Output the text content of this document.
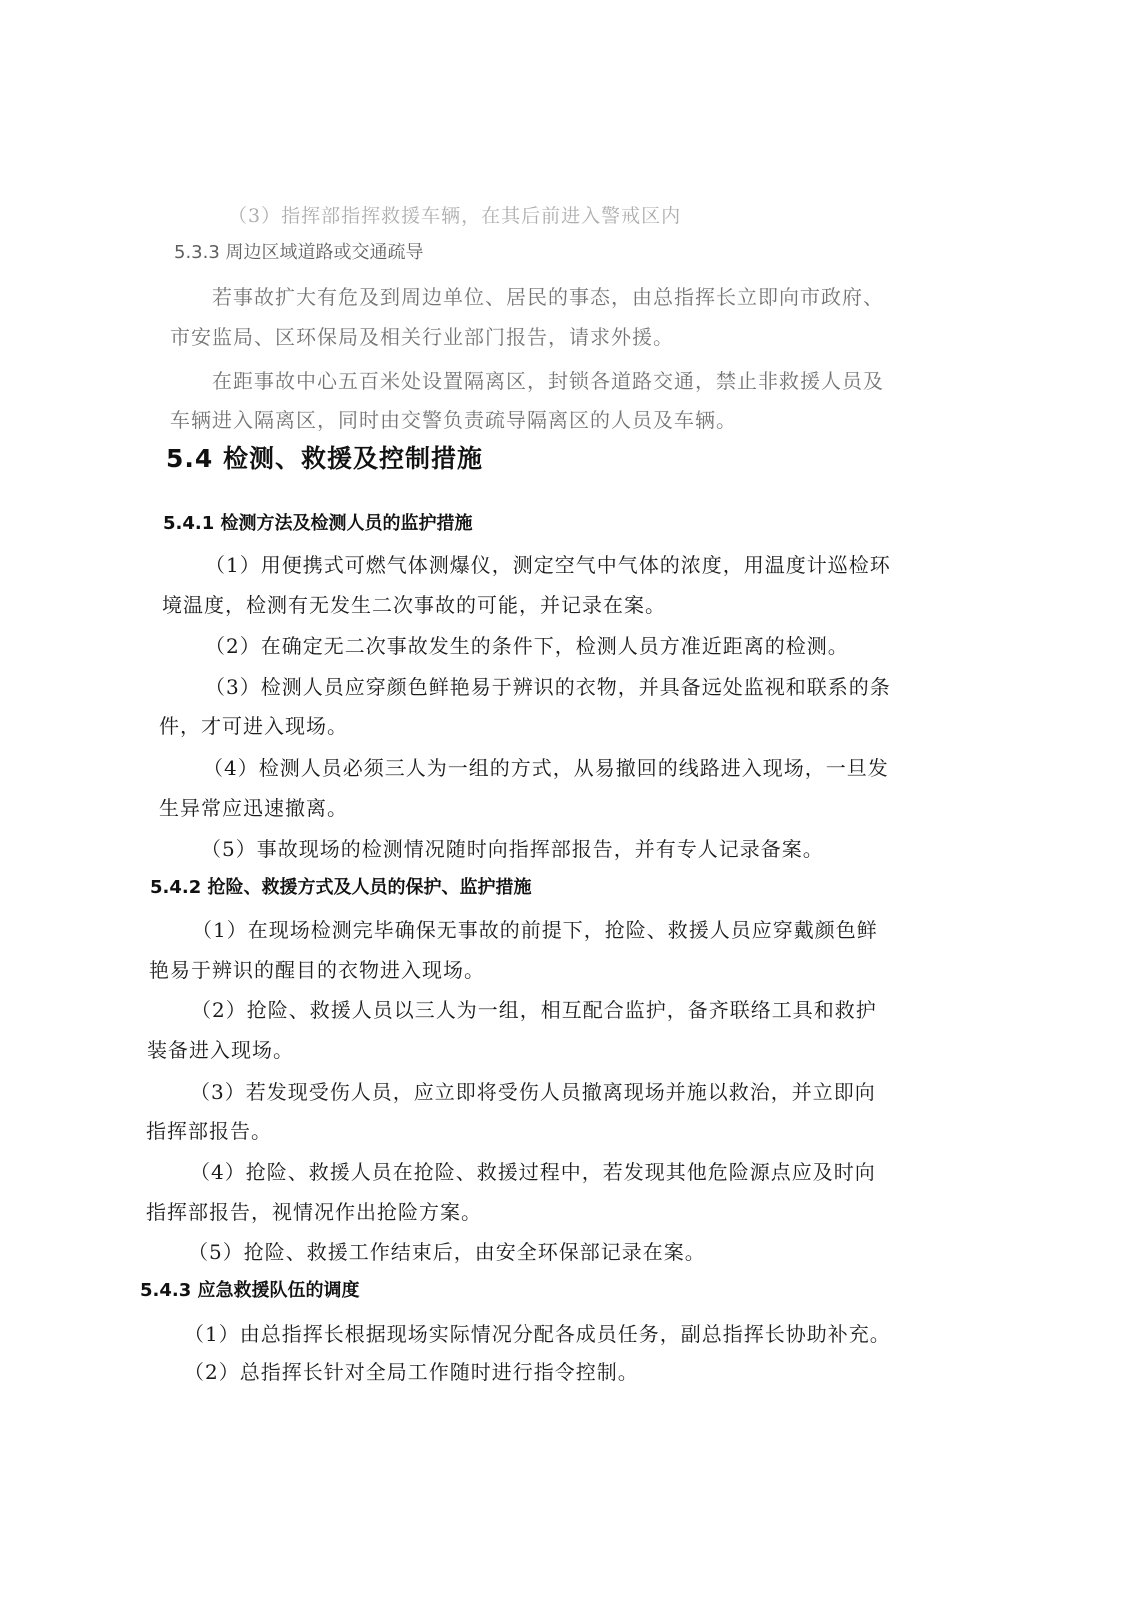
（3）指挥部指挥救援车辆，在其后前进入警戒区内
5.3.3 周边区域道路或交通疏导
若事故扩大有危及到周边单位、居民的事态，由总指挥长立即向市政府、
市安监局、区环保局及相关行业部门报告，请求外援。
在距事故中心五百米处设置隔离区，封锁各道路交通，禁止非救援人员及
车辆进入隔离区，同时由交警负责疏导隔离区的人员及车辆。
5.4 检测、救援及控制措施
5.4.1 检测方法及检测人员的监护措施
（1）用便携式可燃气体测爆仪，测定空气中气体的浓度，用温度计巡检环
境温度，检测有无发生二次事故的可能，并记录在案。
（2）在确定无二次事故发生的条件下，检测人员方准近距离的检测。
（3）检测人员应穿颜色鲜艳易于辨识的衣物，并具备远处监视和联系的条
件，才可进入现场。
（4）检测人员必须三人为一组的方式，从易撤回的线路进入现场，一旦发
生异常应迅速撤离。
（5）事故现场的检测情况随时向指挥部报告，并有专人记录备案。
5.4.2 抢险、救援方式及人员的保护、监护措施
（1）在现场检测完毕确保无事故的前提下，抢险、救援人员应穿戴颜色鲜
艳易于辨识的醒目的衣物进入现场。
（2）抢险、救援人员以三人为一组，相互配合监护，备齐联络工具和救护
装备进入现场。
（3）若发现受伤人员，应立即将受伤人员撤离现场并施以救治，并立即向
指挥部报告。
（4）抢险、救援人员在抢险、救援过程中，若发现其他危险源点应及时向
指挥部报告，视情况作出抢险方案。
（5）抢险、救援工作结束后，由安全环保部记录在案。
5.4.3 应急救援队伍的调度
（1）由总指挥长根据现场实际情况分配各成员任务，副总指挥长协助补充。
（2）总指挥长针对全局工作随时进行指令控制。
